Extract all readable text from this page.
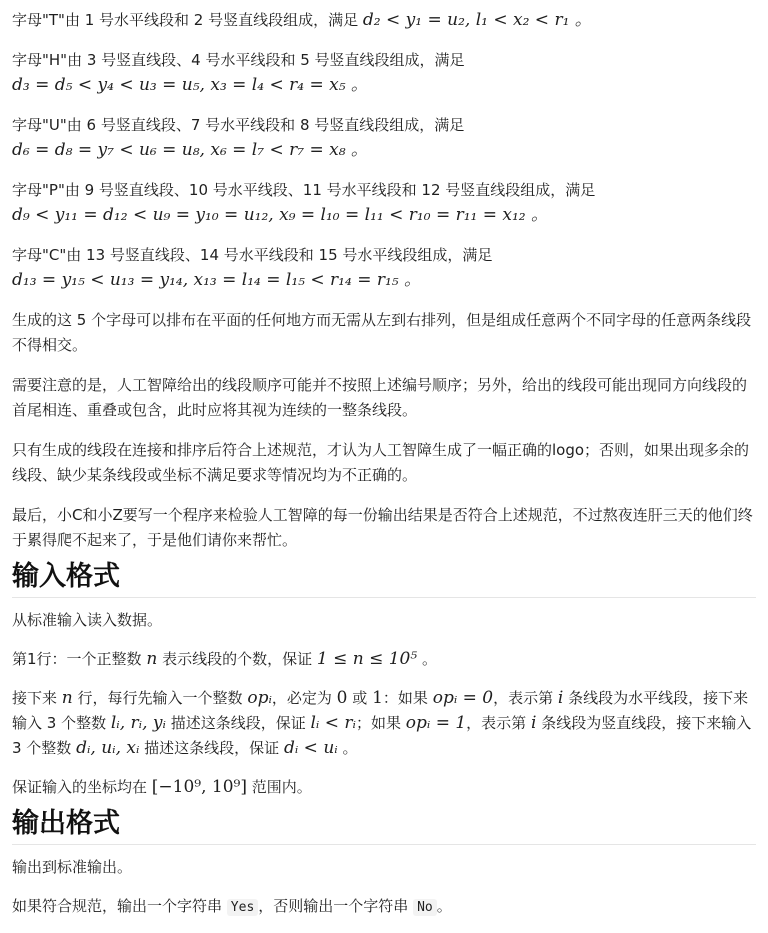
字母"T"由 1 号水平线段和 2 号竖直线段组成，满足 d₂ < y₁ = u₂, l₁ < x₂ < r₁ 。

字母"H"由 3 号竖直线段、4 号水平线段和 5 号竖直线段组成，满足
d₃ = d₅ < y₄ < u₃ = u₅, x₃ = l₄ < r₄ = x₅ 。

字母"U"由 6 号竖直线段、7 号水平线段和 8 号竖直线段组成，满足
d₆ = d₈ = y₇ < u₆ = u₈, x₆ = l₇ < r₇ = x₈ 。

字母"P"由 9 号竖直线段、10 号水平线段、11 号水平线段和 12 号竖直线段组成，满足
d₉ < y₁₁ = d₁₂ < u₉ = y₁₀ = u₁₂, x₉ = l₁₀ = l₁₁ < r₁₀ = r₁₁ = x₁₂ 。

字母"C"由 13 号竖直线段、14 号水平线段和 15 号水平线段组成，满足
d₁₃ = y₁₅ < u₁₃ = y₁₄, x₁₃ = l₁₄ = l₁₅ < r₁₄ = r₁₅ 。

生成的这 5 个字母可以排布在平面的任何地方而无需从左到右排列，但是组成任意两个不同字母的任意两条线段不得相交。

需要注意的是，人工智障给出的线段顺序可能并不按照上述编号顺序；另外，给出的线段可能出现同方向线段的首尾相连、重叠或包含，此时应将其视为连续的一整条线段。

只有生成的线段在连接和排序后符合上述规范，才认为人工智障生成了一幅正确的logo；否则，如果出现多余的线段、缺少某条线段或坐标不满足要求等情况均为不正确的。

最后，小C和小Z要写一个程序来检验人工智障的每一份输出结果是否符合上述规范，不过熬夜连肝三天的他们终于累得爬不起来了，于是他们请你来帮忙。

输入格式

从标准输入读入数据。

第1行：一个正整数 n 表示线段的个数，保证 1 ≤ n ≤ 10⁵ 。

接下来 n 行，每行先输入一个整数 opᵢ，必定为 0 或 1：如果 opᵢ = 0，表示第 i 条线段为水平线段，接下来输入 3 个整数 lᵢ, rᵢ, yᵢ 描述这条线段，保证 lᵢ < rᵢ；如果 opᵢ = 1，表示第 i 条线段为竖直线段，接下来输入 3 个整数 dᵢ, uᵢ, xᵢ 描述这条线段，保证 dᵢ < uᵢ 。

保证输入的坐标均在 [−10⁹, 10⁹] 范围内。

输出格式

输出到标准输出。

如果符合规范，输出一个字符串 Yes ，否则输出一个字符串 No 。
